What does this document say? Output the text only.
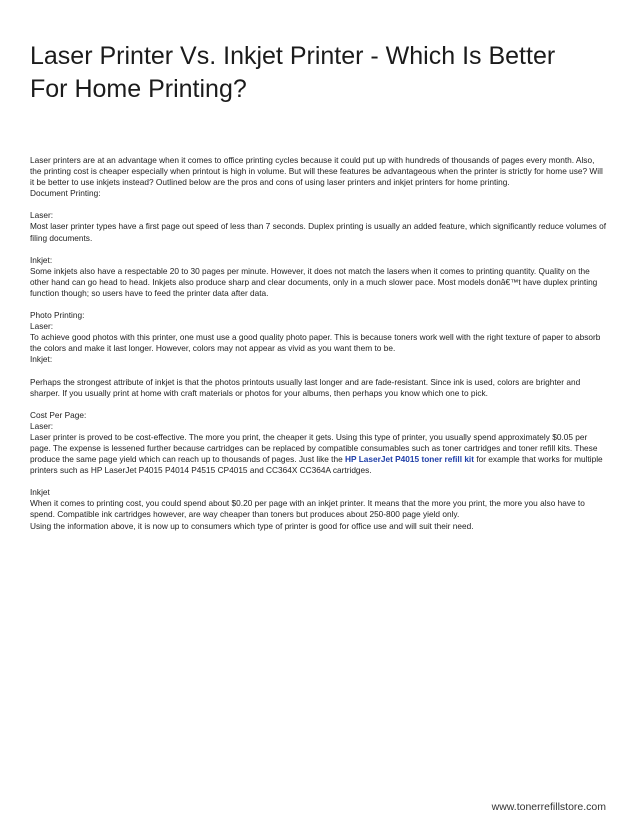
Laser Printer Vs. Inkjet Printer - Which Is Better For Home Printing?

Laser printers are at an advantage when it comes to office printing cycles because it could put up with hundreds of thousands of pages every month. Also, the printing cost is cheaper especially when printout is high in volume. But will these features be advantageous when the printer is strictly for home use? Will it be better to use inkjets instead? Outlined below are the pros and cons of using laser printers and inkjet printers for home printing.

Document Printing:

Laser:

Most laser printer types have a first page out speed of less than 7 seconds. Duplex printing is usually an added feature, which significantly reduce volumes of filing documents.

Inkjet:

Some inkjets also have a respectable 20 to 30 pages per minute. However, it does not match the lasers when it comes to printing quantity. Quality on the other hand can go head to head. Inkjets also produce sharp and clear documents, only in a much slower pace. Most models donâ€™t have duplex printing function though; so users have to feed the printer data after data.

Photo Printing:

Laser:

To achieve good photos with this printer, one must use a good quality photo paper. This is because toners work well with the right texture of paper to absorb the colors and make it last longer. However, colors may not appear as vivid as you want them to be.

Inkjet:

Perhaps the strongest attribute of inkjet is that the photos printouts usually last longer and are fade-resistant. Since ink is used, colors are brighter and sharper. If you usually print at home with craft materials or photos for your albums, then perhaps you know which one to pick.

Cost Per Page:

Laser:

Laser printer is proved to be cost-effective. The more you print, the cheaper it gets. Using this type of printer, you usually spend approximately $0.05 per page. The expense is lessened further because cartridges can be replaced by compatible consumables such as toner cartridges and toner refill kits. These produce the same page yield which can reach up to thousands of pages. Just like the HP LaserJet P4015 toner refill kit for example that works for multiple printers such as HP LaserJet P4015 P4014 P4515 CP4015 and CC364X CC364A cartridges.

Inkjet

When it comes to printing cost, you could spend about $0.20 per page with an inkjet printer. It means that the more you print, the more you also have to spend. Compatible ink cartridges however, are way cheaper than toners but produces about 250-800 page yield only.

Using the information above, it is now up to consumers which type of printer is good for office use and will suit their need.

www.tonerrefillstore.com
